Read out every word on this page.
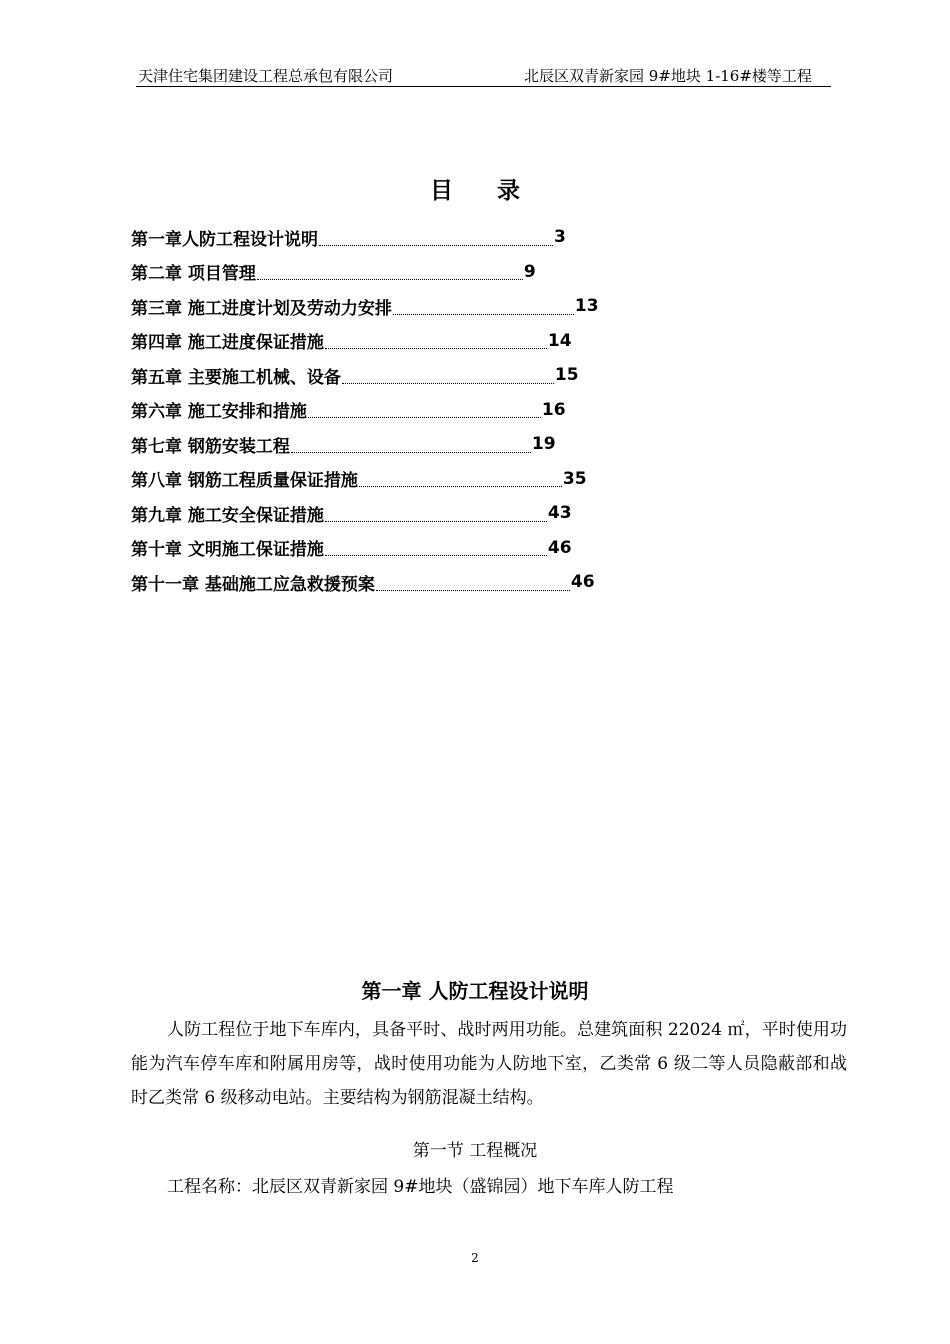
天津住宅集团建设工程总承包有限公司	北辰区双青新家园 9#地块 1-16#楼等工程
目 录
第一章人防工程设计说明	3
第二章 项目管理	9
第三章 施工进度计划及劳动力安排	13
第四章 施工进度保证措施	14
第五章 主要施工机械、设备	15
第六章 施工安排和措施	16
第七章 钢筋安装工程	19
第八章 钢筋工程质量保证措施	35
第九章 施工安全保证措施	43
第十章 文明施工保证措施	46
第十一章 基础施工应急救援预案	46
第一章 人防工程设计说明
人防工程位于地下车库内，具备平时、战时两用功能。总建筑面积 22024 ㎡，平时使用功能为汽车停车库和附属用房等，战时使用功能为人防地下室，乙类常 6 级二等人员隐蔽部和战时乙类常 6 级移动电站。主要结构为钢筋混凝土结构。
第一节 工程概况
工程名称：北辰区双青新家园 9#地块（盛锦园）地下车库人防工程
2
